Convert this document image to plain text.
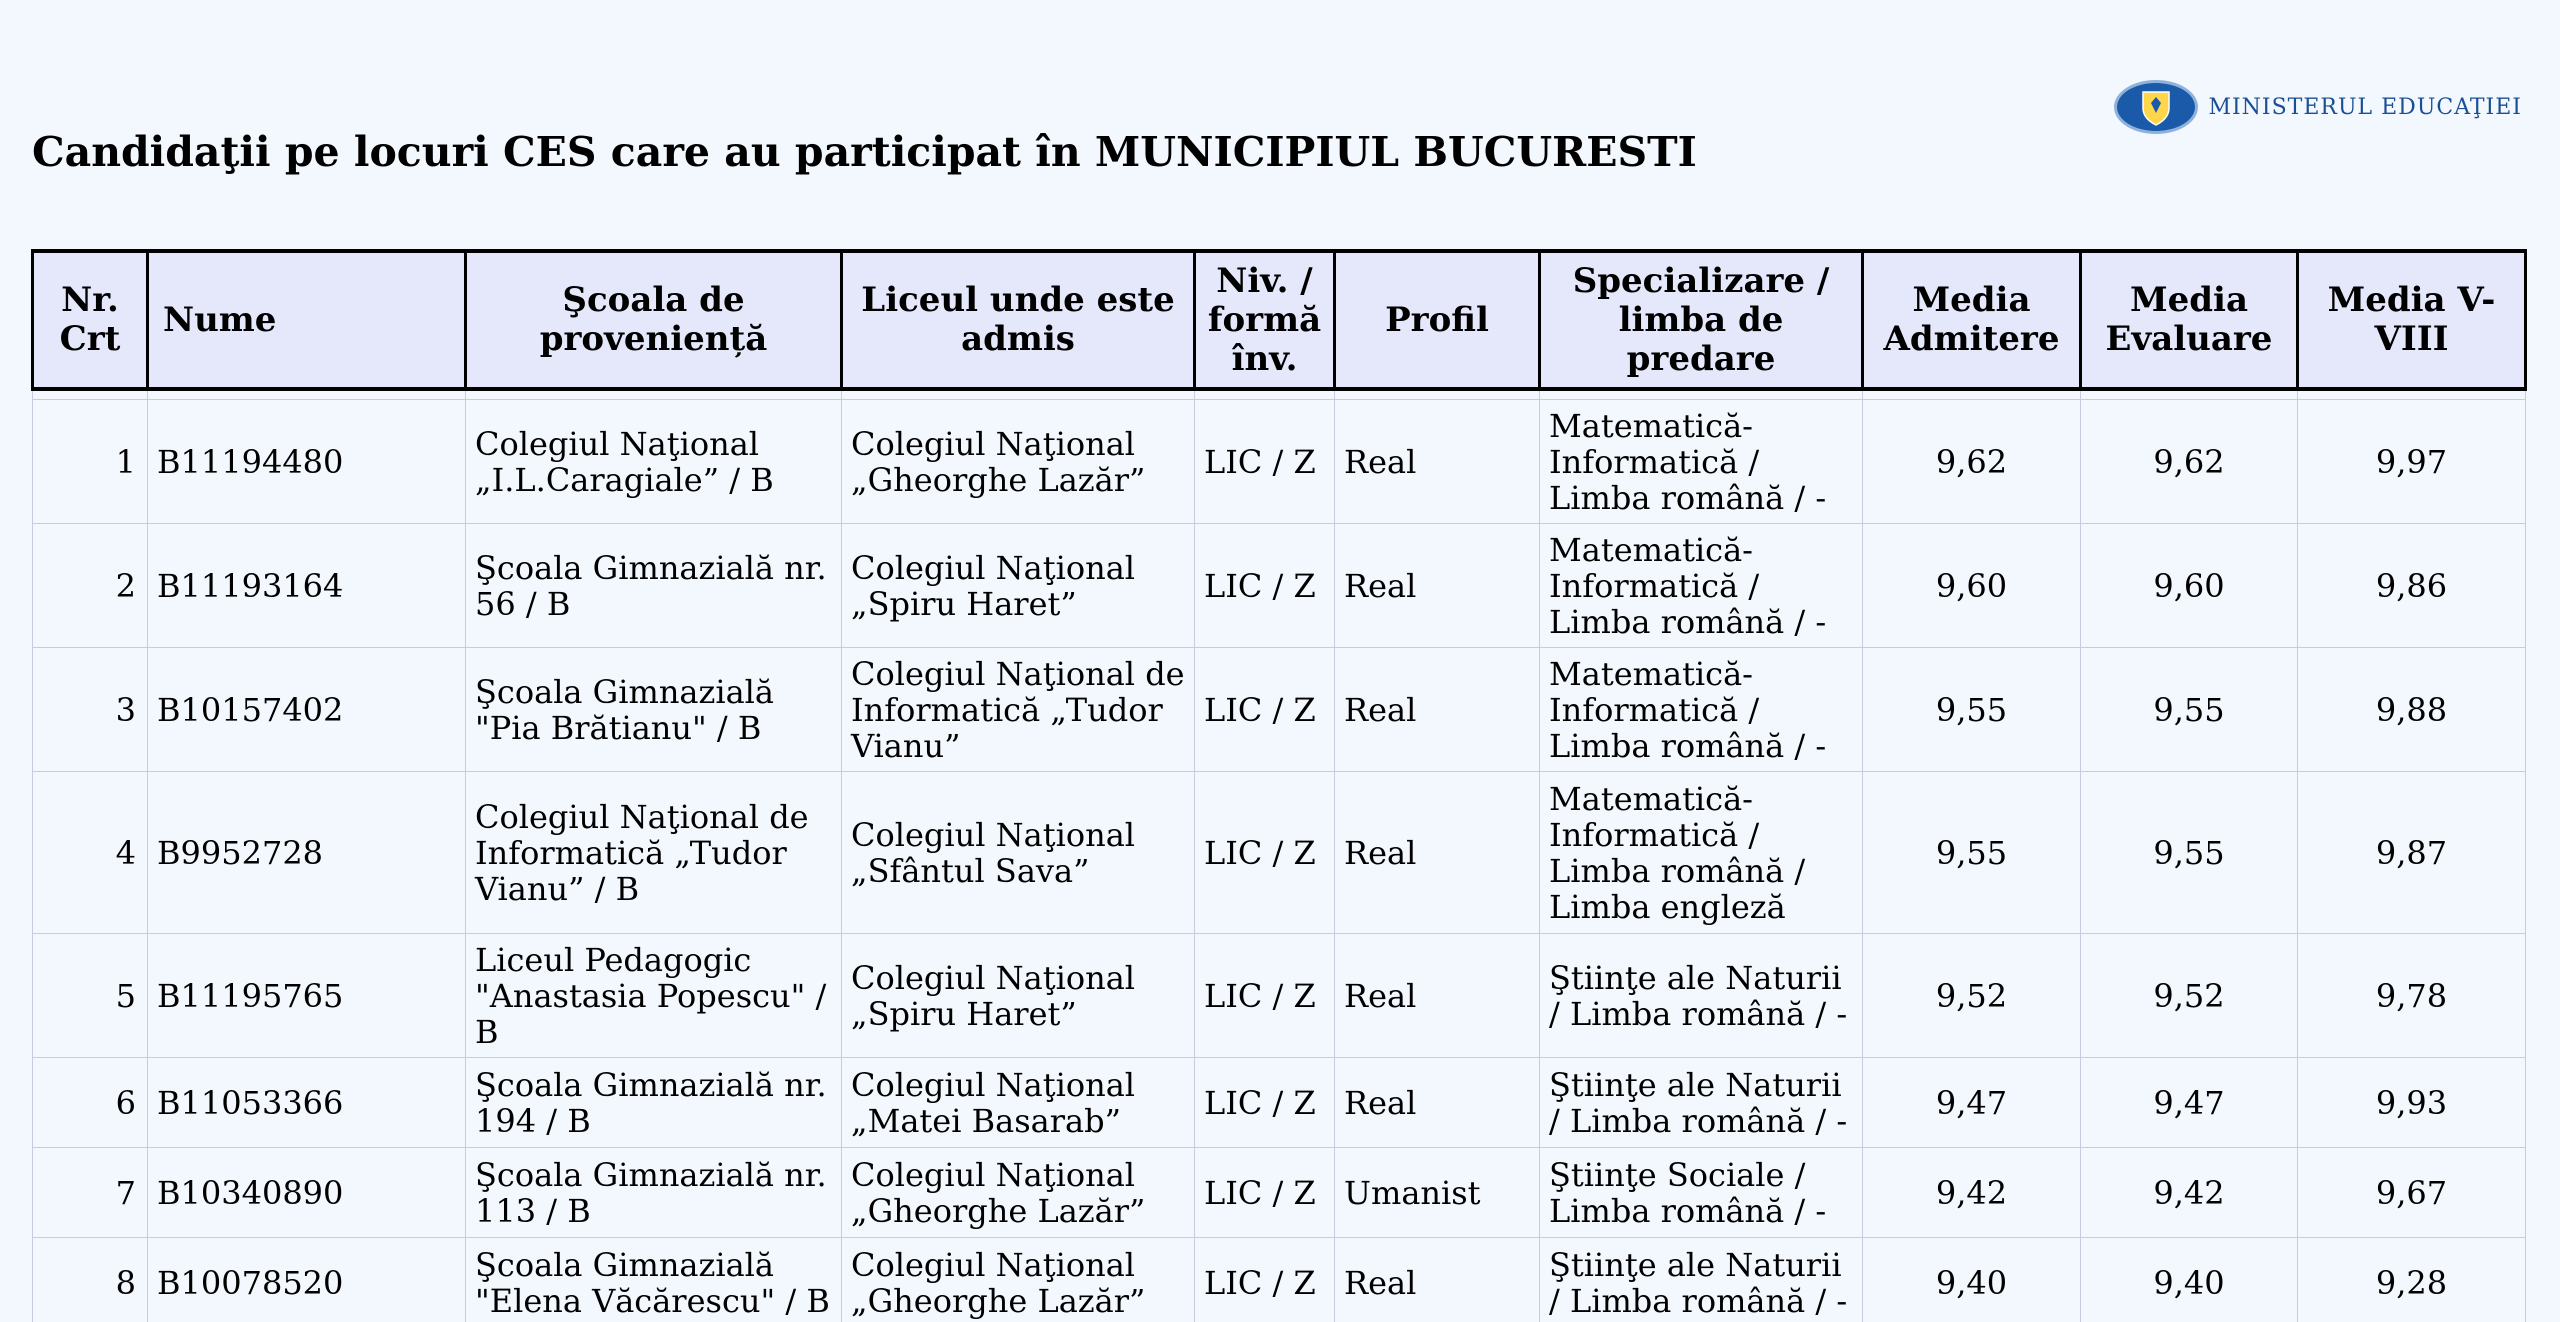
MINISTERUL EDUCAŢIEI
Candidaţii pe locuri CES care au participat în MUNICIPIUL BUCURESTI
Nr. Crt	Nume	Şcoala de proveniență	Liceul unde este admis	Niv. / formă înv.	Profil	Specializare / limba de predare	Media Admitere	Media Evaluare	Media V-VIII

1	B11194480	Colegiul Naţional „I.L.Caragiale” / B	Colegiul Naţional „Gheorghe Lazăr”	LIC / Z	Real	Matematică-Informatică / Limba română / -	9,62	9,62	9,97
2	B11193164	Şcoala Gimnazială nr. 56 / B	Colegiul Naţional „Spiru Haret”	LIC / Z	Real	Matematică-Informatică / Limba română / -	9,60	9,60	9,86
3	B10157402	Şcoala Gimnazială "Pia Brătianu" / B	Colegiul Naţional de Informatică „Tudor Vianu”	LIC / Z	Real	Matematică-Informatică / Limba română / -	9,55	9,55	9,88
4	B9952728	Colegiul Naţional de Informatică „Tudor Vianu” / B	Colegiul Naţional „Sfântul Sava”	LIC / Z	Real	Matematică-Informatică / Limba română / Limba engleză	9,55	9,55	9,87
5	B11195765	Liceul Pedagogic "Anastasia Popescu" / B	Colegiul Naţional „Spiru Haret”	LIC / Z	Real	Ştiinţe ale Naturii / Limba română / -	9,52	9,52	9,78
6	B11053366	Şcoala Gimnazială nr. 194 / B	Colegiul Naţional „Matei Basarab”	LIC / Z	Real	Ştiinţe ale Naturii / Limba română / -	9,47	9,47	9,93
7	B10340890	Şcoala Gimnazială nr. 113 / B	Colegiul Naţional „Gheorghe Lazăr”	LIC / Z	Umanist	Ştiinţe Sociale / Limba română / -	9,42	9,42	9,67
8	B10078520	Şcoala Gimnazială "Elena Văcărescu" / B	Colegiul Naţional „Gheorghe Lazăr”	LIC / Z	Real	Ştiinţe ale Naturii / Limba română / -	9,40	9,40	9,28
